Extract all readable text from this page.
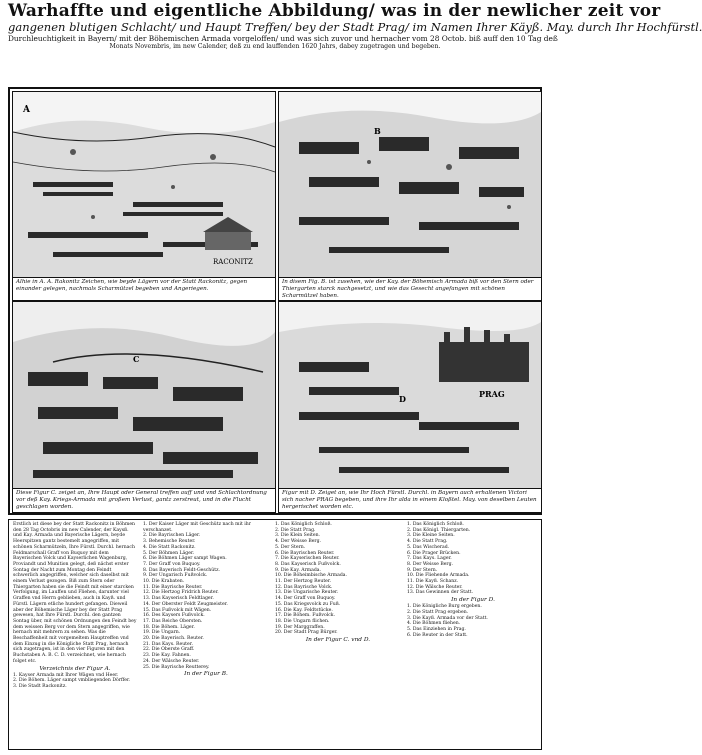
Warhaffte und eigentliche Abbildung/ was in der newlicher zeit vor
gangenen blutigen Schlacht/ und Haupt Treffen/ bey der Stadt Prag/ im Namen Ihrer Käyß. May. durch Ihr Hochfürstl.
Durchleuchtigkeit in Bayern/ mit der Böhemischen Armada vorgeloffen/ und was sich zuvor und hernacher vom 28 Octob. biß auff den 10 Tag deß
Monats Novembris, im new Calender, deß zu end lauffenden 1620 Jahrs, dabey zugetragen und begeben.
RACONITZ
A
Alhie in A. A. Rakonitz Zeichen, wie beyde Lägern vor der Statt Rackonitz, gegen einander gelegen, nachmals Scharmützel begeben und Angeriegen.
B
In disem Fig. B. ist zusehen, wie der Kay. der Böhemisch Armada biß vor den Stern oder Thiergarten starck nachgesetzt, und wie das Gesecht angefangen mit schönen Scharmützel haben.
C
Diese Figur C. zeiget an, Ihre Haupt oder General treffen auff und vnd Schlachtordnung vor deß Kay. Kriegs-Armada mit großem Verlust, gantz zerstreut, und in die Flucht geschlagen worden.
PRAG
D
Figur mit D. Zeiget an, wie Ihr Hoch Fürstl. Durchl. in Bayern auch erhaltenen Victori sich nacher PRAG begeben, und ihre Ihr alda in einem Kloßtel. May. von deselben Leuten hergerischet worden etc.

Erstlich ist diese bey der Statt Rackonitz in Böhmen den 28 Tag Octobris im new Calender, der Kaysß. und Kay. Armada und Bayerische Lägern, beyde Heerspitzen gantz bestemelt angegriffen, mit schönen Scharmützeln, Ihre Fürstl. Durchl. hernach Feldmarschall Graff von Buquoy mit dem Bayerischen Volck und Kayserlichen Wagenburg, Proviandt und Munition gelegt, deß nächst erster Sontag der Nacht zum Montag den Feindt schwerlich angegriffen, welcher sich daselbst mit einem Verlust gezogen. Biß zum Stern oder Thiergarten haben sie die Feindt mit einer starcken Verfolgung, im Lauffen und Fliehen, darunter viel Graffen vnd Herrn geblieben, auch in Kayß. und Fürstl. Lägern etliche hundert gefangen. Dieweil aber der Böhemische Läger bey der Statt Prag gewesen, hat Ihre Fürstl. Durchl. den gantzen Sontag über, mit schönen Ordnungen den Feindt bey dem weissen Berg vor dem Stern angegriffen, wie hernach mit mehrern zu sehen. Was die Beschaffenheit mit vorgemeltem Hauptreffen vnd dem Einzug in die Königliche Statt Prag, hernach sich zugetragen, ist in den vier Figuren mit den Buchstaben A. B. C. D. verzeichnet, wie hernach folget etc.

Verzeichnis der Figur A.

1. Kayser Armada mit Ihrer Wägen vnd Heer.

2. Die Böhem. Läger sampt vmbliegenden Dörffer.

3. Die Stadt Rackonitz.

1. Der Kaiser Läger mit Geschütz nach mit ihr verschanzet.

2. Die Bayrischen Läger.

3. Behemische Reuter.

4. Die Statt Rackonitz.

5. Der Böhmen Läger.

6. Die Böhmen Läger sampt Wagen.

7. Der Graff von Buquoy.

8. Das Bayerisch Feldt-Geschütz.

9. Der Ungarisch Fußvolck.

10. Die Krabaten.

11. Die Bayrische Reuter.

12. Die Hertzog Fridrich Reuter.

13. Das Kayserisch Feldtlager.

14. Der Oberster Feldt Zeugmeister.

15. Das Fußvolck mit Wägen.

16. Des Kaysers Fußvolck.

17. Das Reiche Obersten.

18. Die Böhem. Läger.

19. Die Ungarn.

20. Die Bayerisch. Reuter.

21. Das Kays. Reuter.

22. Die Oberste Graff.

23. Die Kay. Fahnen.

24. Der Wälsche Reuter.

25. Die Bayrische Reutterey.

In der Figur B.

1. Das Königlich Schloß.

2. Die Statt Prag.

3. Die Klein Seiten.

4. Der Weisse Berg.

5. Der Stern.

6. Die Bayrischen Reuter.

7. Die Kayserischen Reuter.

8. Das Kayserisch Fußvolck.

9. Die Kay. Armada.

10. Die Böheimbische Armada.

11. Der Hertzog Reuter.

12. Das Bayrische Volck.

13. Die Ungarische Reuter.

14. Der Graff von Buquoy.

15. Das Kriegsvolck zu Fuß.

16. Die Kay. Feldtstücke.

17. Die Böhem. Fußvolck.

18. Die Ungarn flichen.

19. Der Marggraffen.

20. Der Stadt Prag Bürger.

In der Figur C. vnd D.

1. Das Königlich Schloß.

2. Das Königl. Thiergarten.

3. Die Kleine Seiten.

4. Die Statt Prag.

5. Das Wischerad.

6. Die Prager Brücken.

7. Das Kays. Lager.

8. Der Weisse Berg.

9. Der Stern.

10. Die Fliehende Armada.

11. Die Kayß. Schanz.

12. Die Wälsche Reuter.

13. Das Gewinnen der Statt.

In der Figur D.

1. Die Königliche Burg ergeben.

2. Die Statt Prag ergeben.

3. Die Kayß. Armada vor der Statt.

4. Die Böhmen fliehen.

5. Das Einziehen in Prag.

6. Die Reuter in der Statt.
